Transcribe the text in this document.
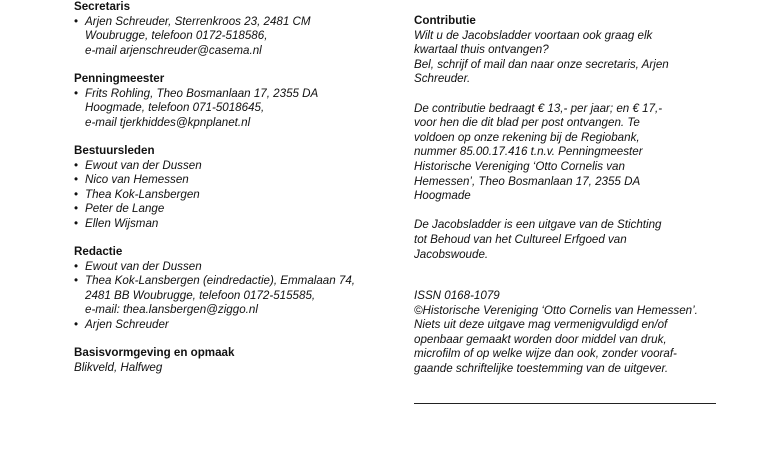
Secretaris
• Arjen Schreuder, Sterrenkroos 23, 2481 CM
Woubrugge, telefoon 0172-518586,
e-mail arjenschreuder@casema.nl
Penningmeester
• Frits Rohling, Theo Bosmanlaan 17, 2355 DA
Hoogmade, telefoon 071-5018645,
e-mail tjerkhiddes@kpnplanet.nl
Bestuursleden
• Ewout van der Dussen
• Nico van Hemessen
• Thea Kok-Lansbergen
• Peter de Lange
• Ellen Wijsman
Redactie
• Ewout van der Dussen
• Thea Kok-Lansbergen (eindredactie), Emmalaan 74,
2481 BB Woubrugge, telefoon 0172-515585,
e-mail: thea.lansbergen@ziggo.nl
• Arjen Schreuder
Basisvormgeving en opmaak
Blikveld, Halfweg
Contributie
Wilt u de Jacobsladder voortaan ook graag elk
kwartaal thuis ontvangen?
Bel, schrijf of mail dan naar onze secretaris, Arjen
Schreuder.
De contributie bedraagt € 13,- per jaar; en € 17,-
voor hen die dit blad per post ontvangen. Te
voldoen op onze rekening bij de Regiobank,
nummer 85.00.17.416 t.n.v. Penningmeester
Historische Vereniging ‘Otto Cornelis van
Hemessen’, Theo Bosmanlaan 17, 2355 DA
Hoogmade
De Jacobsladder is een uitgave van de Stichting
tot Behoud van het Cultureel Erfgoed van
Jacobswoude.
ISSN 0168-1079
©Historische Vereniging ‘Otto Cornelis van Hemessen’.
Niets uit deze uitgave mag vermenigvuldigd en/of
openbaar gemaakt worden door middel van druk,
microfilm of op welke wijze dan ook, zonder vooraf-
gaande schriftelijke toestemming van de uitgever.
